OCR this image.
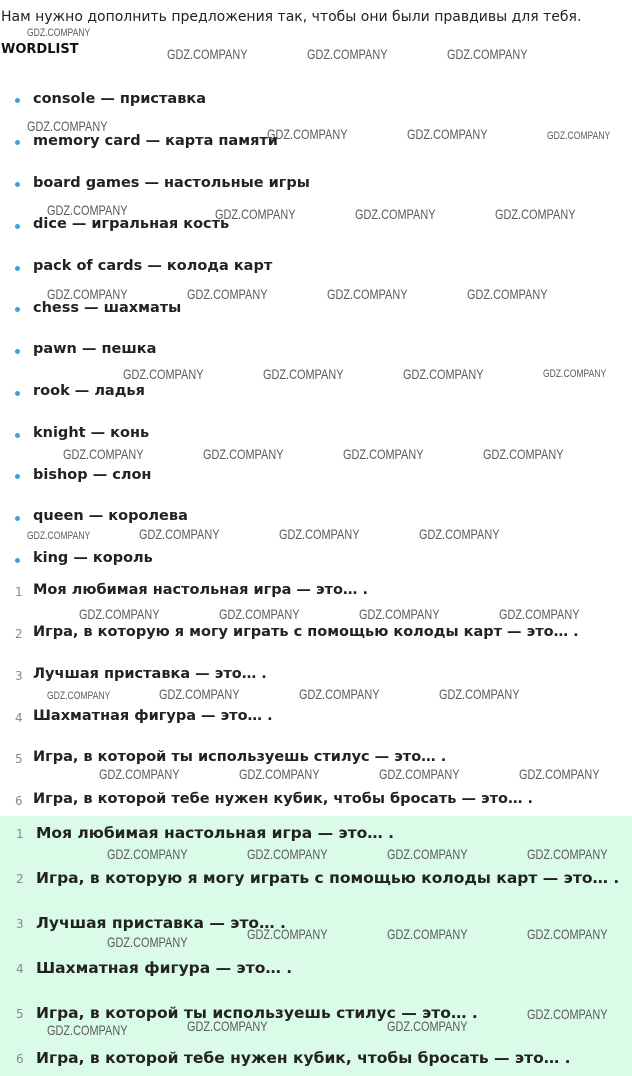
Нам нужно дополнить предложения так, чтобы они были правдивы для тебя.
WORDLIST
console — приставка
memory card — карта памяти
board games — настольные игры
dice — игральная кость
pack of cards — колода карт
chess — шахматы
pawn — пешка
rook — ладья
knight — конь
bishop — слон
queen — королева
king — король
1 Моя любимая настольная игра — это… .
2 Игра, в которую я могу играть с помощью колоды карт — это… .
3 Лучшая приставка — это… .
4 Шахматная фигура — это… .
5 Игра, в которой ты используешь стилус — это… .
6 Игра, в которой тебе нужен кубик, чтобы бросать — это… .
1 Моя любимая настольная игра — это… .
2 Игра, в которую я могу играть с помощью колоды карт — это… .
3 Лучшая приставка — это… .
4 Шахматная фигура — это… .
5 Игра, в которой ты используешь стилус — это… .
6 Игра, в которой тебе нужен кубик, чтобы бросать — это… .
GDZ.COMPANY
GDZ.COMPANY	GDZ.COMPANY	GDZ.COMPANY
GDZ.COMPANY	GDZ.COMPANY	GDZ.COMPANY	GDZ.COMPANY
GDZ.COMPANY	GDZ.COMPANY	GDZ.COMPANY	GDZ.COMPANY
GDZ.COMPANY	GDZ.COMPANY	GDZ.COMPANY	GDZ.COMPANY
GDZ.COMPANY	GDZ.COMPANY	GDZ.COMPANY	GDZ.COMPANY
GDZ.COMPANY	GDZ.COMPANY	GDZ.COMPANY	GDZ.COMPANY
GDZ.COMPANY	GDZ.COMPANY	GDZ.COMPANY	GDZ.COMPANY
GDZ.COMPANY	GDZ.COMPANY	GDZ.COMPANY	GDZ.COMPANY
GDZ.COMPANY	GDZ.COMPANY	GDZ.COMPANY	GDZ.COMPANY
GDZ.COMPANY	GDZ.COMPANY	GDZ.COMPANY	GDZ.COMPANY
GDZ.COMPANY	GDZ.COMPANY	GDZ.COMPANY	GDZ.COMPANY
GDZ.COMPANY	GDZ.COMPANY	GDZ.COMPANY	GDZ.COMPANY
GDZ.COMPANY	GDZ.COMPANY	GDZ.COMPANY
GDZ.COMPANY
